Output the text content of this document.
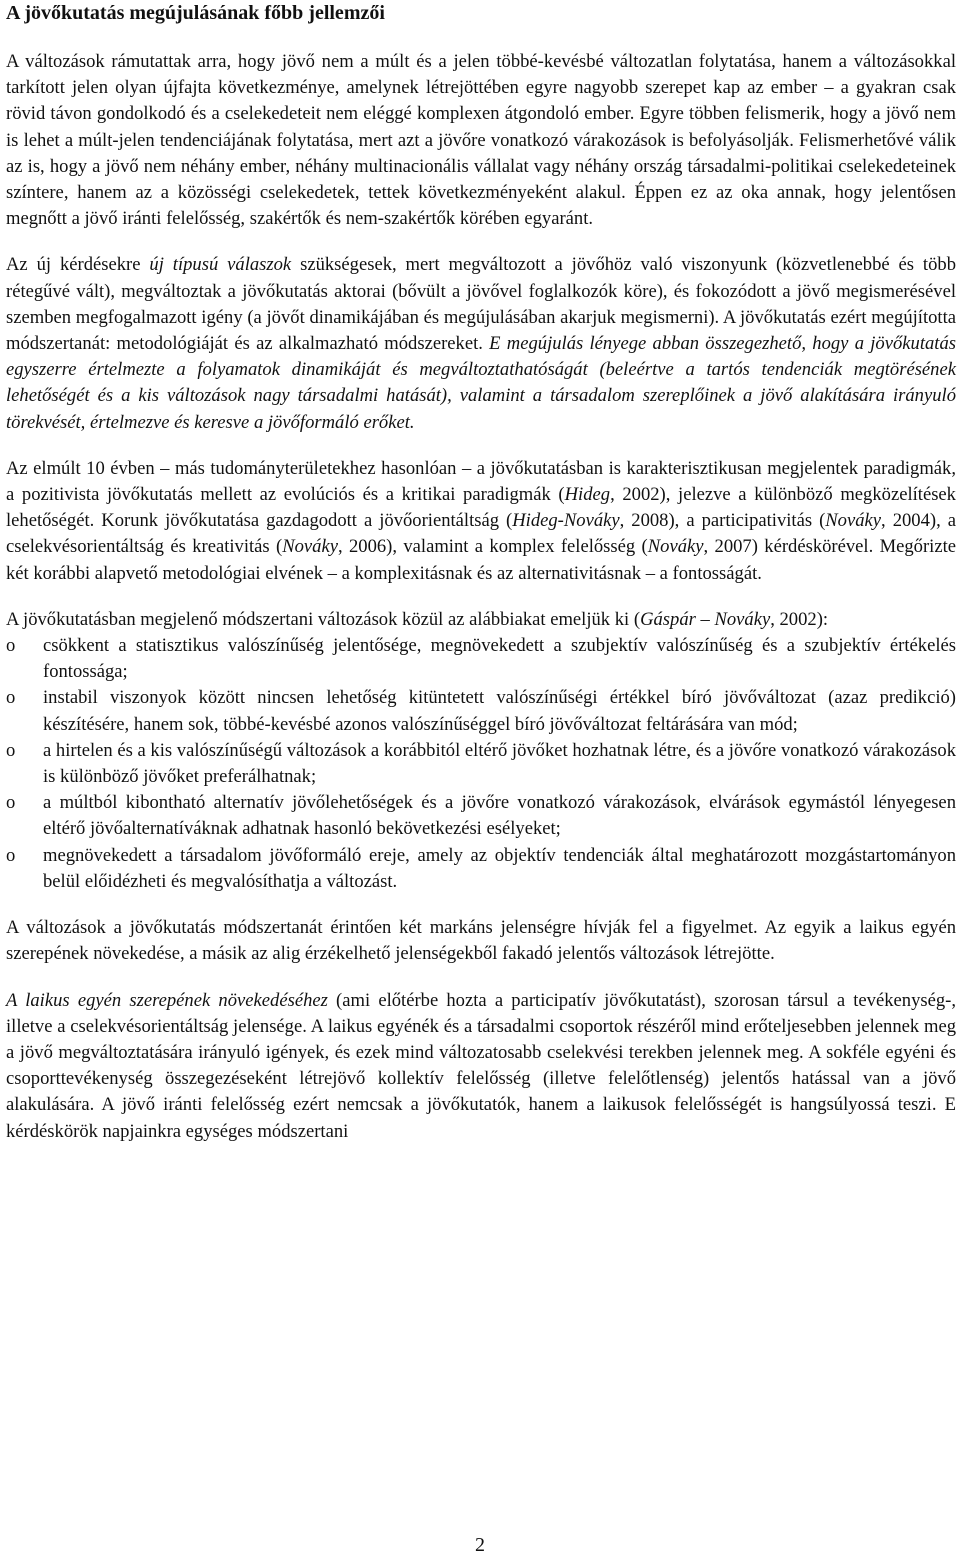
A jövőkutatás megújulásának főbb jellemzői

A változások rámutattak arra, hogy jövő nem a múlt és a jelen többé-kevésbé változatlan folytatása, hanem a változásokkal tarkított jelen olyan újfajta következménye, amelynek létrejöttében egyre nagyobb szerepet kap az ember – a gyakran csak rövid távon gondolkodó és a cselekedeteit nem eléggé komplexen átgondoló ember. Egyre többen felismerik, hogy a jövő nem is lehet a múlt-jelen tendenciájának folytatása, mert azt a jövőre vonatkozó várakozások is befolyásolják. Felismerhetővé válik az is, hogy a jövő nem néhány ember, néhány multinacionális vállalat vagy néhány ország társadalmi-politikai cselekedeteinek színtere, hanem az a közösségi cselekedetek, tettek következményeként alakul. Éppen ez az oka annak, hogy jelentősen megnőtt a jövő iránti felelősség, szakértők és nem-szakértők körében egyaránt.

Az új kérdésekre új típusú válaszok szükségesek, mert megváltozott a jövőhöz való viszonyunk (közvetlenebbé és több rétegűvé vált), megváltoztak a jövőkutatás aktorai (bővült a jövővel foglalkozók köre), és fokozódott a jövő megismerésével szemben megfogalmazott igény (a jövőt dinamikájában és megújulásában akarjuk megismerni). A jövőkutatás ezért megújította módszertanát: metodológiáját és az alkalmazható módszereket. E megújulás lényege abban összegezhető, hogy a jövőkutatás egyszerre értelmezte a folyamatok dinamikáját és megváltoztathatóságát (beleértve a tartós tendenciák megtörésének lehetőségét és a kis változások nagy társadalmi hatását), valamint a társadalom szereplőinek a jövő alakítására irányuló törekvését, értelmezve és keresve a jövőformáló erőket.

Az elmúlt 10 évben – más tudományterületekhez hasonlóan – a jövőkutatásban is karakterisztikusan megjelentek paradigmák, a pozitivista jövőkutatás mellett az evolúciós és a kritikai paradigmák (Hideg, 2002), jelezve a különböző megközelítések lehetőségét. Korunk jövőkutatása gazdagodott a jövőorientáltság (Hideg-Nováky, 2008), a participativitás (Nováky, 2004), a cselekvésorientáltság és kreativitás (Nováky, 2006), valamint a komplex felelősség (Nováky, 2007) kérdéskörével. Megőrizte két korábbi alapvető metodológiai elvének – a komplexitásnak és az alternativitásnak – a fontosságát.

A jövőkutatásban megjelenő módszertani változások közül az alábbiakat emeljük ki (Gáspár – Nováky, 2002):

o csökkent a statisztikus valószínűség jelentősége, megnövekedett a szubjektív valószínűség és a szubjektív értékelés fontossága;
o instabil viszonyok között nincsen lehetőség kitüntetett valószínűségi értékkel bíró jövőváltozat (azaz predikció) készítésére, hanem sok, többé-kevésbé azonos valószínűséggel bíró jövőváltozat feltárására van mód;
o a hirtelen és a kis valószínűségű változások a korábbitól eltérő jövőket hozhatnak létre, és a jövőre vonatkozó várakozások is különböző jövőket preferálhatnak;
o a múltból kibontható alternatív jövőlehetőségek és a jövőre vonatkozó várakozások, elvárások egymástól lényegesen eltérő jövőalternatíváknak adhatnak hasonló bekövetkezési esélyeket;
o megnövekedett a társadalom jövőformáló ereje, amely az objektív tendenciák által meghatározott mozgástartományon belül előidézheti és megvalósíthatja a változást.

A változások a jövőkutatás módszertanát érintően két markáns jelenségre hívják fel a figyelmet. Az egyik a laikus egyén szerepének növekedése, a másik az alig érzékelhető jelenségekből fakadó jelentős változások létrejötte.

A laikus egyén szerepének növekedéséhez (ami előtérbe hozta a participatív jövőkutatást), szorosan társul a tevékenység-, illetve a cselekvésorientáltság jelensége. A laikus egyénék és a társadalmi csoportok részéről mind erőteljesebben jelennek meg a jövő megváltoztatására irányuló igények, és ezek mind változatosabb cselekvési terekben jelennek meg. A sokféle egyéni és csoporttevékenység összegezéseként létrejövő kollektív felelősség (illetve felelőtlenség) jelentős hatással van a jövő alakulására. A jövő iránti felelősség ezért nemcsak a jövőkutatók, hanem a laikusok felelősségét is hangsúlyossá teszi. E kérdéskörök napjainkra egységes módszertani

2
